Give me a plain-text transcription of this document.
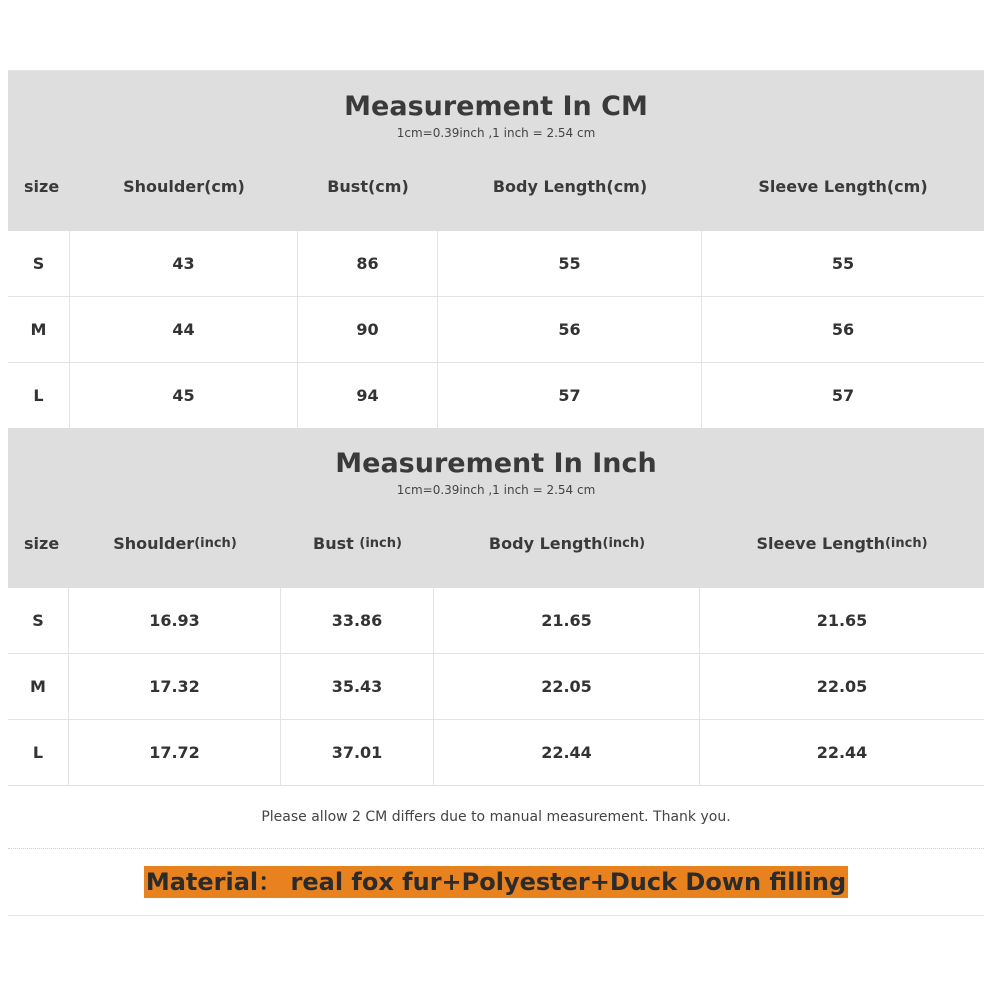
Measurement In CM
1cm=0.39inch ,1 inch = 2.54 cm
size	Shoulder(cm)	Bust(cm)	Body Length(cm)	Sleeve Length(cm)
S	43	86	55	55
M	44	90	56	56
L	45	94	57	57
Measurement In Inch
1cm=0.39inch ,1 inch = 2.54 cm
size	Shoulder (inch)	Bust (inch)	Body Length (inch)	Sleeve Length (inch)
S	16.93	33.86	21.65	21.65
M	17.32	35.43	22.05	22.05
L	17.72	37.01	22.44	22.44
Please allow 2 CM differs due to manual measurement. Thank you.
Material： real fox fur+Polyester+Duck Down filling
